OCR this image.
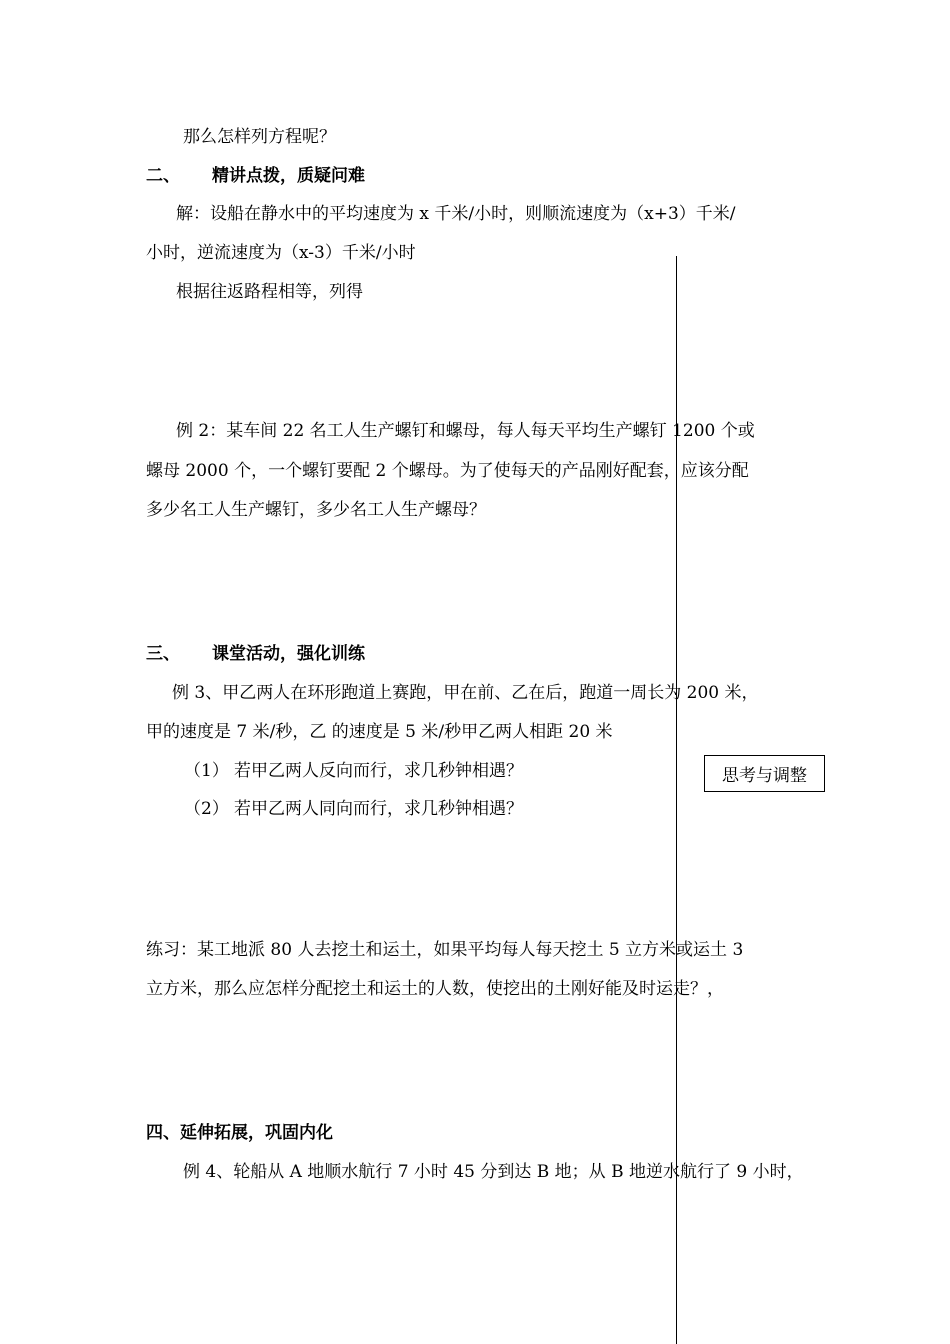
那么怎样列方程呢？
二、 精讲点拨，质疑问难
解：设船在静水中的平均速度为 x 千米/小时，则顺流速度为（x+3）千米/
小时，逆流速度为（x-3）千米/小时
根据往返路程相等，列得
例 2：某车间 22 名工人生产螺钉和螺母，每人每天平均生产螺钉 1200 个或
螺母 2000 个，一个螺钉要配 2 个螺母。为了使每天的产品刚好配套，应该分配
多少名工人生产螺钉，多少名工人生产螺母？
三、 课堂活动，强化训练
例 3、甲乙两人在环形跑道上赛跑，甲在前、乙在后，跑道一周长为 200 米，
甲的速度是 7 米/秒，乙 的速度是 5 米/秒甲乙两人相距 20 米
（1） 若甲乙两人反向而行，求几秒钟相遇？
（2） 若甲乙两人同向而行，求几秒钟相遇？
思考与调整
练习：某工地派 80 人去挖土和运土，如果平均每人每天挖土 5 立方米或运土 3
立方米，那么应怎样分配挖土和运土的人数，使挖出的土刚好能及时运走？，
四、延伸拓展，巩固内化
例 4、轮船从 A 地顺水航行 7 小时 45 分到达 B 地；从 B 地逆水航行了 9 小时，
